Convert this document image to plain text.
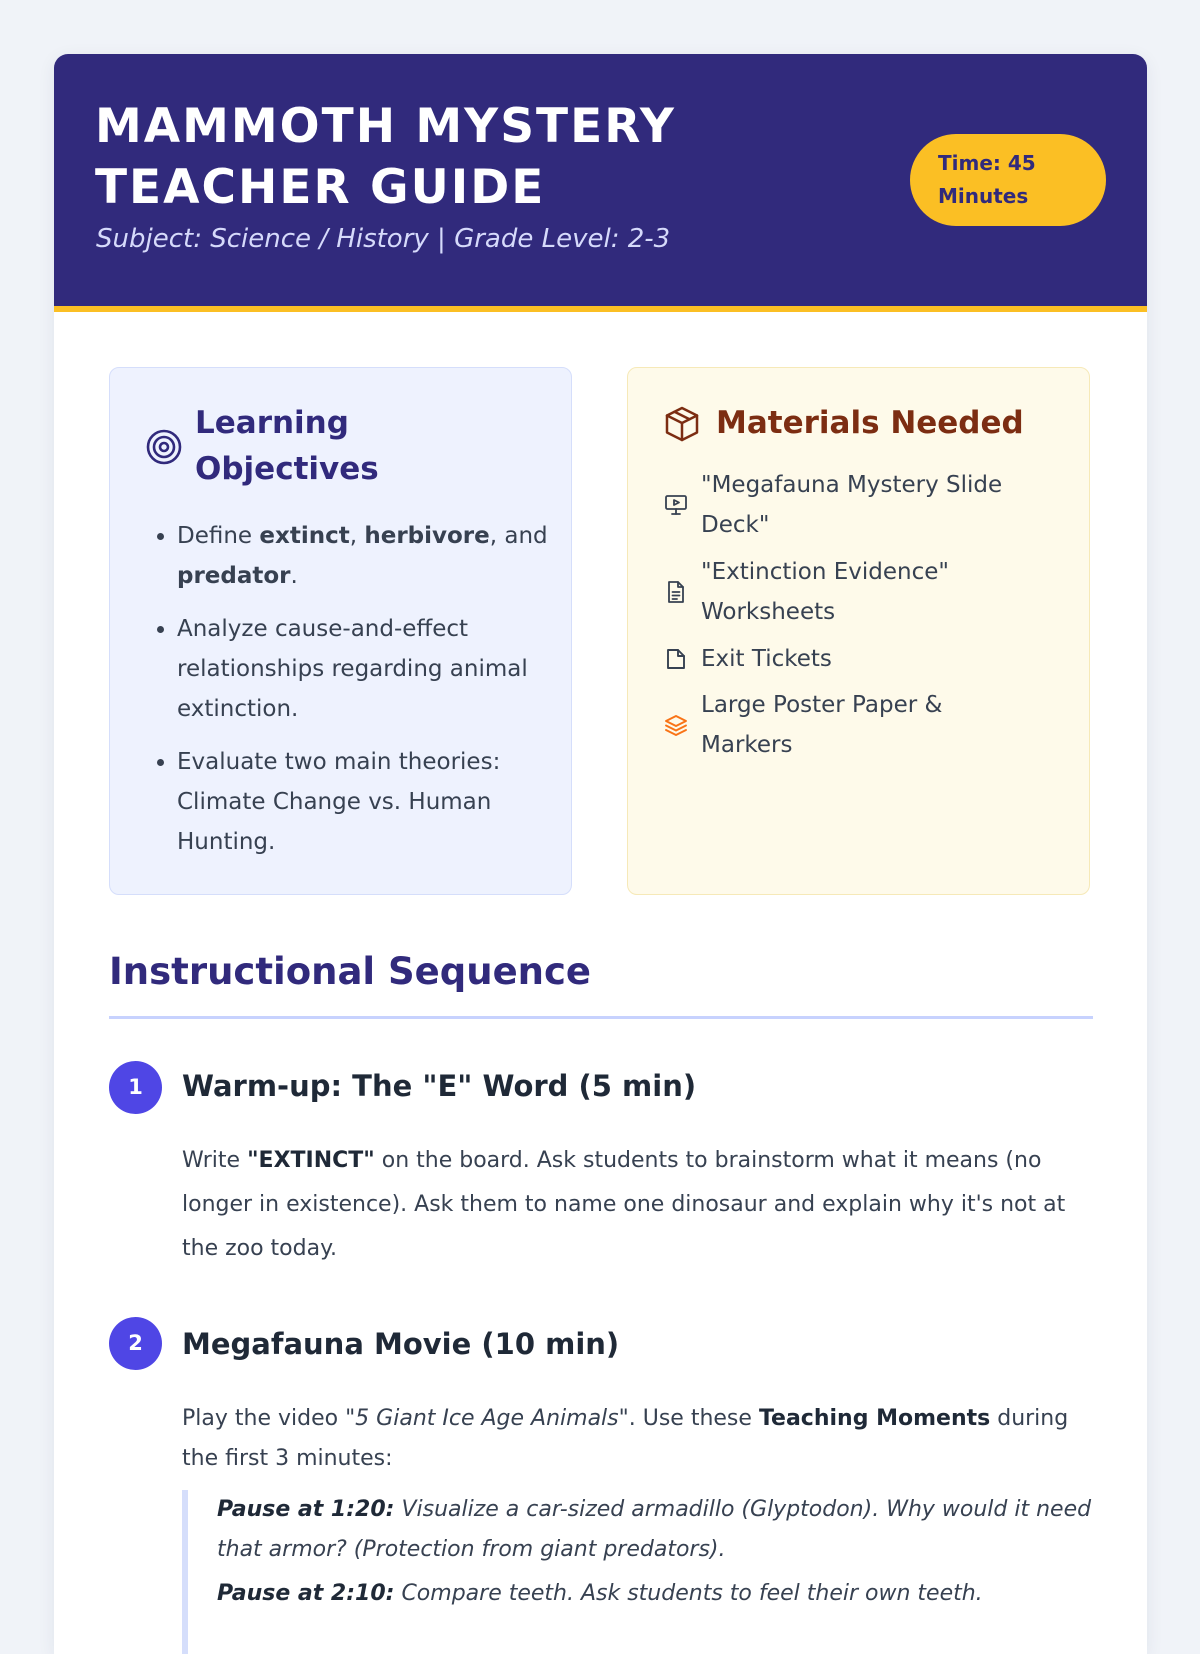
MAMMOTH MYSTERY TEACHER GUIDE
Subject: Science / History | Grade Level: 2-3
Time: 45 Minutes
Learning Objectives
• Define extinct, herbivore, and predator.
• Analyze cause-and-effect relationships regarding animal extinction.
• Evaluate two main theories: Climate Change vs. Human Hunting.
Materials Needed
"Megafauna Mystery Slide Deck"
"Extinction Evidence" Worksheets
Exit Tickets
Large Poster Paper & Markers
Instructional Sequence
1	Warm-up: The "E" Word (5 min)

Write "EXTINCT" on the board. Ask students to brainstorm what it means (no longer in existence). Ask them to name one dinosaur and explain why it's not at the zoo today.

2	Megafauna Movie (10 min)

Play the video "5 Giant Ice Age Animals". Use these Teaching Moments during the first 3 minutes:

Pause at 1:20: Visualize a car-sized armadillo (Glyptodon). Why would it need that armor? (Protection from giant predators).

Pause at 2:10: Compare teeth. Ask students to feel their own teeth.
